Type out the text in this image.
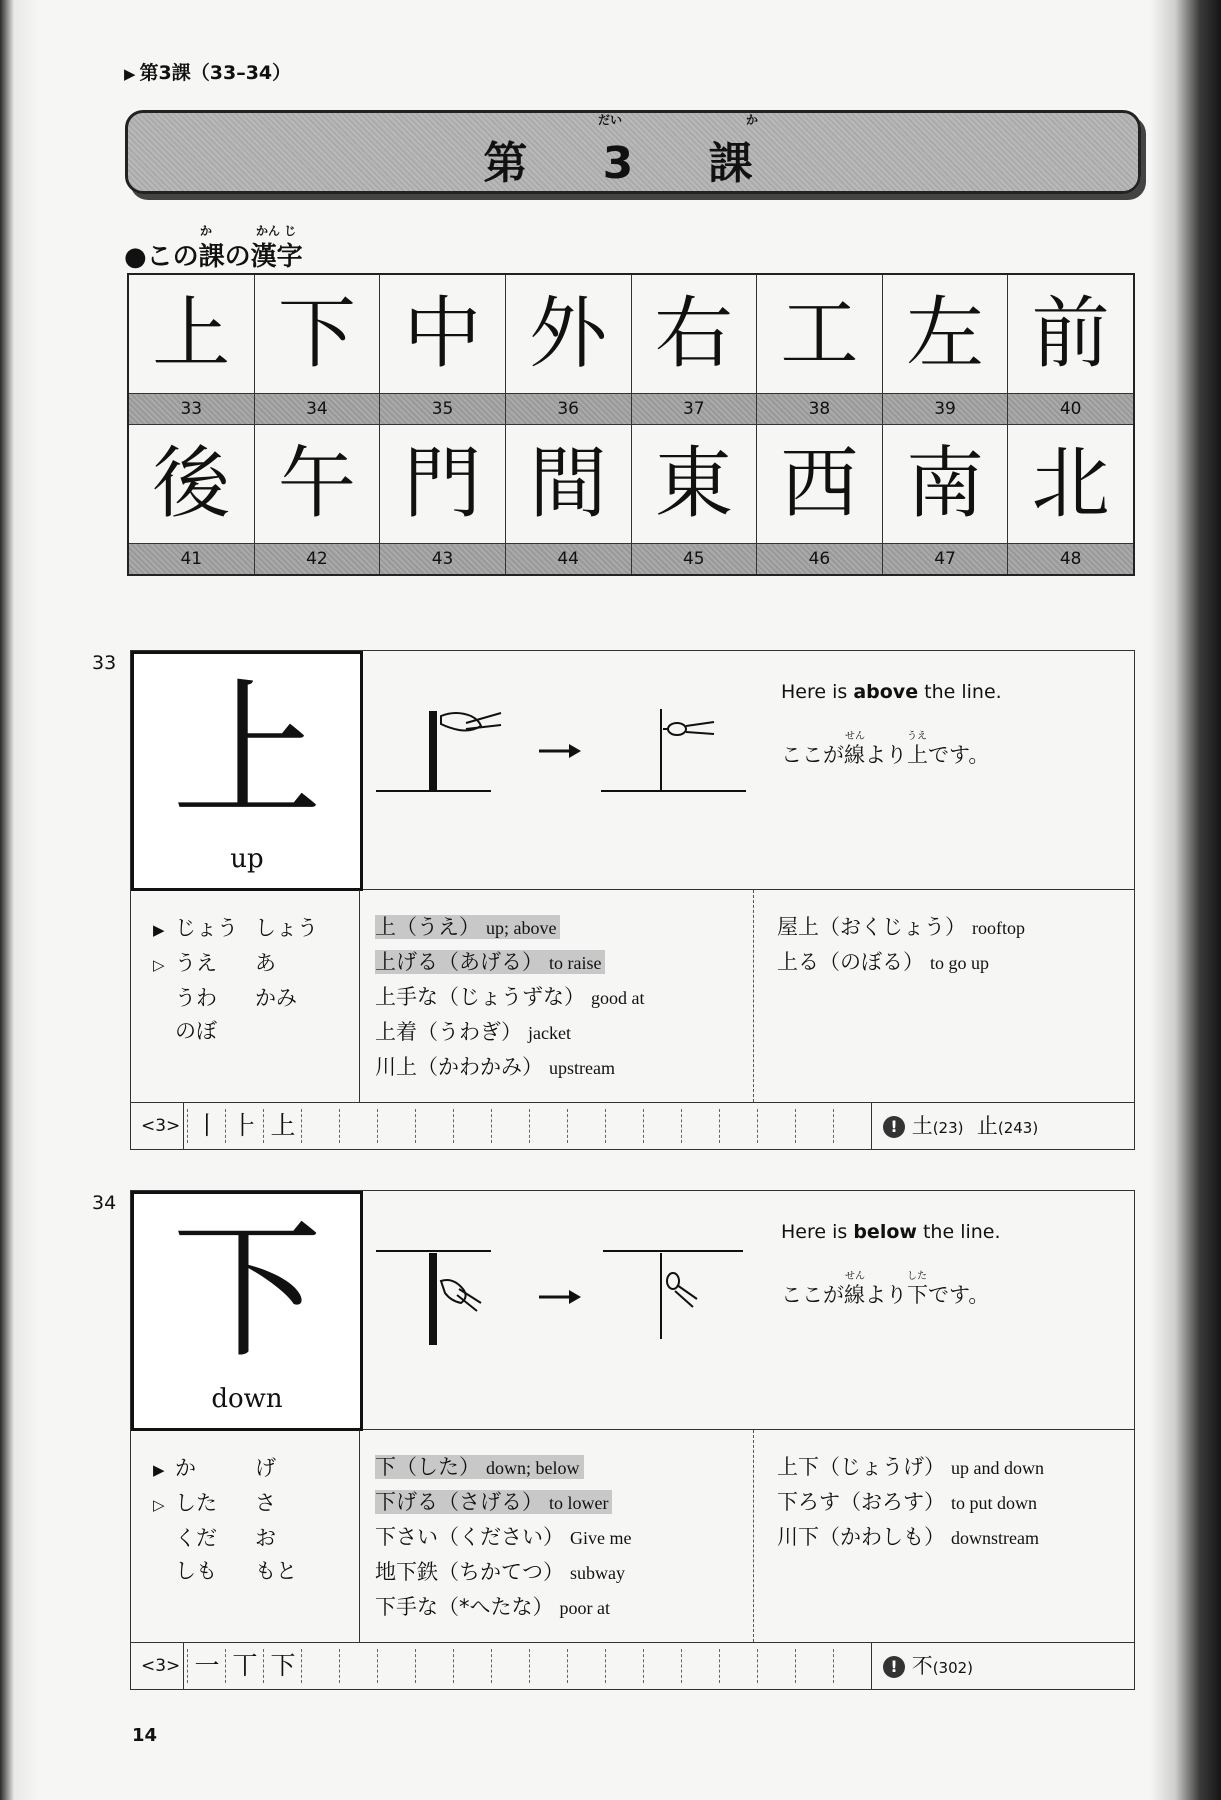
▶ 第3課（33–34）
だい	か
第 3 課
か	かん じ
●この課の漢字
上	下	中	外	右	工	左	前
33	34	35	36	37	38	39	40
後	午	門	間	東	西	南	北
41	42	43	44	45	46	47	48
33
上
up
Here is above the line.
せん	うえ
ここが線より上です。
▶ じょう しょう
▷ うえ あ
うわ かみ
のぼ
上（うえ） up; above
上げる（あげる） to raise
上手な（じょうずな） good at
上着（うわぎ） jacket
川上（かわかみ） upstream
屋上（おくじょう） rooftop
上る（のぼる） to go up
<3> 丨 ⺊ 上	! 土(23) 止(243)
34
下
down
Here is below the line.
せん	した
ここが線より下です。
▶ か	げ
▷ した さ
くだ お
しも もと
下（した） down; below
下げる（さげる） to lower
下さい（ください） Give me
地下鉄（ちかてつ） subway
下手な（*へたな） poor at
上下（じょうげ） up and down
下ろす（おろす） to put down
川下（かわしも） downstream
<3> 一 丅 下	! 不(302)
14
